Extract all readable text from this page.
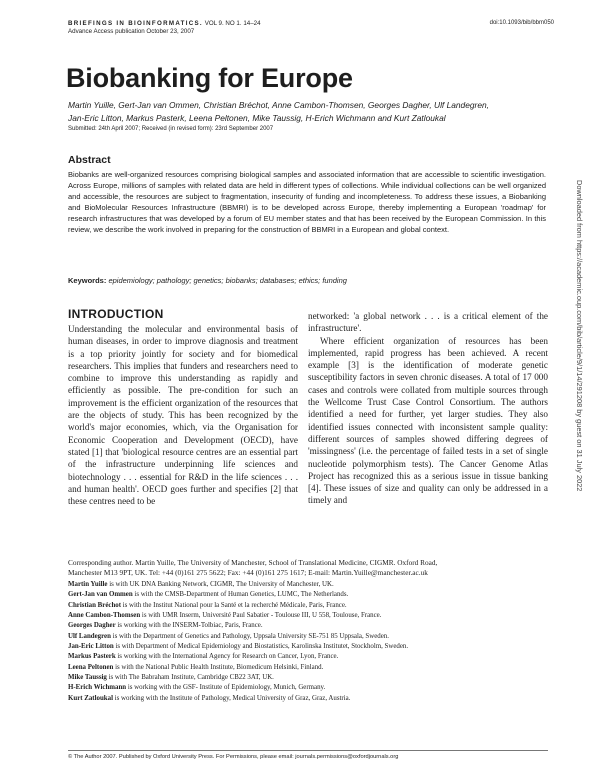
BRIEFINGS IN BIOINFORMATICS. VOL 9. NO 1. 14–24
Advance Access publication October 23, 2007
doi:10.1093/bib/bbm050
Biobanking for Europe
Martin Yuille, Gert-Jan van Ommen, Christian Bréchot, Anne Cambon-Thomsen, Georges Dagher, Ulf Landegren,
Jan-Eric Litton, Markus Pasterk, Leena Peltonen, Mike Taussig, H-Erich Wichmann and Kurt Zatloukal
Submitted: 24th April 2007; Received (in revised form): 23rd September 2007
Abstract
Biobanks are well-organized resources comprising biological samples and associated information that are accessible to scientific investigation. Across Europe, millions of samples with related data are held in different types of collections. While individual collections can be well organized and accessible, the resources are subject to fragmentation, insecurity of funding and incompleteness. To address these issues, a Biobanking and BioMolecular Resources Infrastructure (BBMRI) is to be developed across Europe, thereby implementing a European 'roadmap' for research infrastructures that was developed by a forum of EU member states and that has been received by the European Commission. In this review, we describe the work involved in preparing for the construction of BBMRI in a European and global context.
Keywords: epidemiology; pathology; genetics; biobanks; databases; ethics; funding
INTRODUCTION

Understanding the molecular and environmental basis of human diseases, in order to improve diagnosis and treatment is a top priority jointly for society and for biomedical researchers. This implies that funders and researchers need to combine to improve this understanding as rapidly and efficiently as possible. The pre-condition for such an improvement is the efficient organization of the resources that are the objects of study. This has been recognized by the world's major economies, which, via the Organisation for Economic Cooperation and Development (OECD), have stated [1] that 'biological resource centres are an essential part of the infrastructure underpinning life sciences and biotechnology . . . essential for R&D in the life sciences . . . and human health'. OECD goes further and specifies [2] that these centres need to be

networked: 'a global network . . . is a critical element of the infrastructure'.

Where efficient organization of resources has been implemented, rapid progress has been achieved. A recent example [3] is the identification of moderate genetic susceptibility factors in seven chronic diseases. A total of 17 000 cases and controls were collated from multiple sources through the Wellcome Trust Case Control Consortium. The authors identified a need for further, yet larger studies. They also identified issues connected with inconsistent sample quality: different sources of samples showed differing degrees of 'missingness' (i.e. the percentage of failed tests in a set of single nucleotide polymorphism tests). The Cancer Genome Atlas Project has recognized this as a serious issue in tissue banking [4]. These issues of size and quality can only be addressed in a timely and

Corresponding author. Martin Yuille, The University of Manchester, School of Translational Medicine, CIGMR. Oxford Road,
Manchester M13 9PT, UK. Tel: +44 (0)161 275 5622; Fax: +44 (0)161 275 1617; E-mail: Martin.Yuille@manchester.ac.uk
Martin Yuille is with UK DNA Banking Network, CIGMR, The University of Manchester, UK.
Gert-Jan van Ommen is with the CMSB-Department of Human Genetics, LUMC, The Netherlands.
Christian Bréchot is with the Institut National pour la Santé et la recherché Médicale, Paris, France.
Anne Cambon-Thomsen is with UMR Inserm, Université Paul Sabatier - Toulouse III, U 558, Toulouse, France.
Georges Dagher is working with the INSERM-Tolbiac, Paris, France.
Ulf Landegren is with the Department of Genetics and Pathology, Uppsala University SE-751 85 Uppsala, Sweden.
Jan-Eric Litton is with Department of Medical Epidemiology and Biostatistics, Karolinska Institutet, Stockholm, Sweden.
Markus Pasterk is working with the International Agency for Research on Cancer, Lyon, France.
Leena Peltonen is with the National Public Health Institute, Biomedicum Helsinki, Finland.
Mike Taussig is with The Babraham Institute, Cambridge CB22 3AT, UK.
H-Erich Wichmann is working with the GSF- Institute of Epidemiology, Munich, Germany.
Kurt Zatloukal is working with the Institute of Pathology, Medical University of Graz, Graz, Austria.
© The Author 2007. Published by Oxford University Press. For Permissions, please email: journals.permissions@oxfordjournals.org
Downloaded from https://academic.oup.com/bib/article/9/1/14/291208 by guest on 31 July 2022
